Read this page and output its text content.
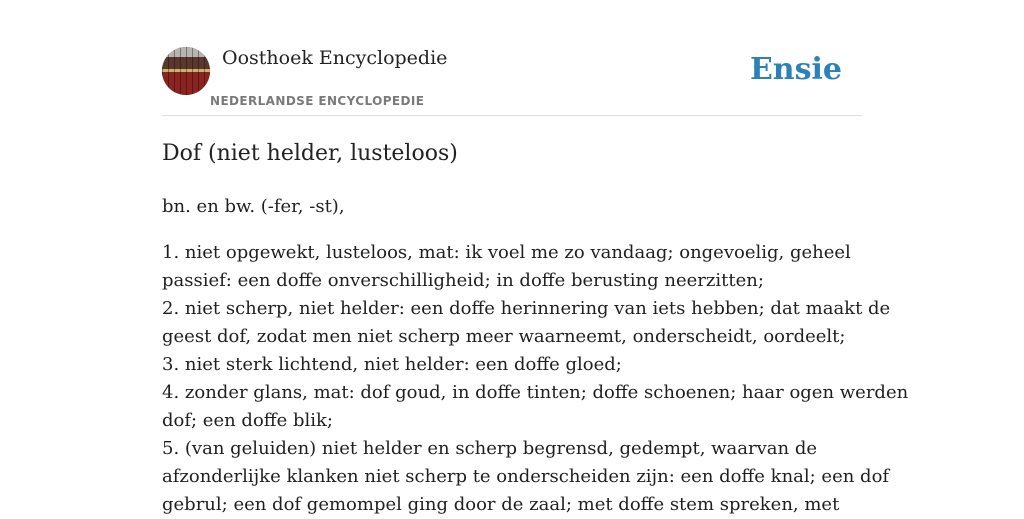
Oosthoek Encyclopedie
NEDERLANDSE ENCYCLOPEDIE
Ensie
Dof (niet helder, lusteloos)
bn. en bw. (-fer, -st),
1. niet opgewekt, lusteloos, mat: ik voel me zo vandaag; ongevoelig, geheel
passief: een doffe onverschilligheid; in doffe berusting neerzitten;
2. niet scherp, niet helder: een doffe herinnering van iets hebben; dat maakt de
geest dof, zodat men niet scherp meer waarneemt, onderscheidt, oordeelt;
3. niet sterk lichtend, niet helder: een doffe gloed;
4. zonder glans, mat: dof goud, in doffe tinten; doffe schoenen; haar ogen werden
dof; een doffe blik;
5. (van geluiden) niet helder en scherp begrensd, gedempt, waarvan de
afzonderlijke klanken niet scherp te onderscheiden zijn: een doffe knal; een dof
gebrul; een dof gemompel ging door de zaal; met doffe stem spreken, met
